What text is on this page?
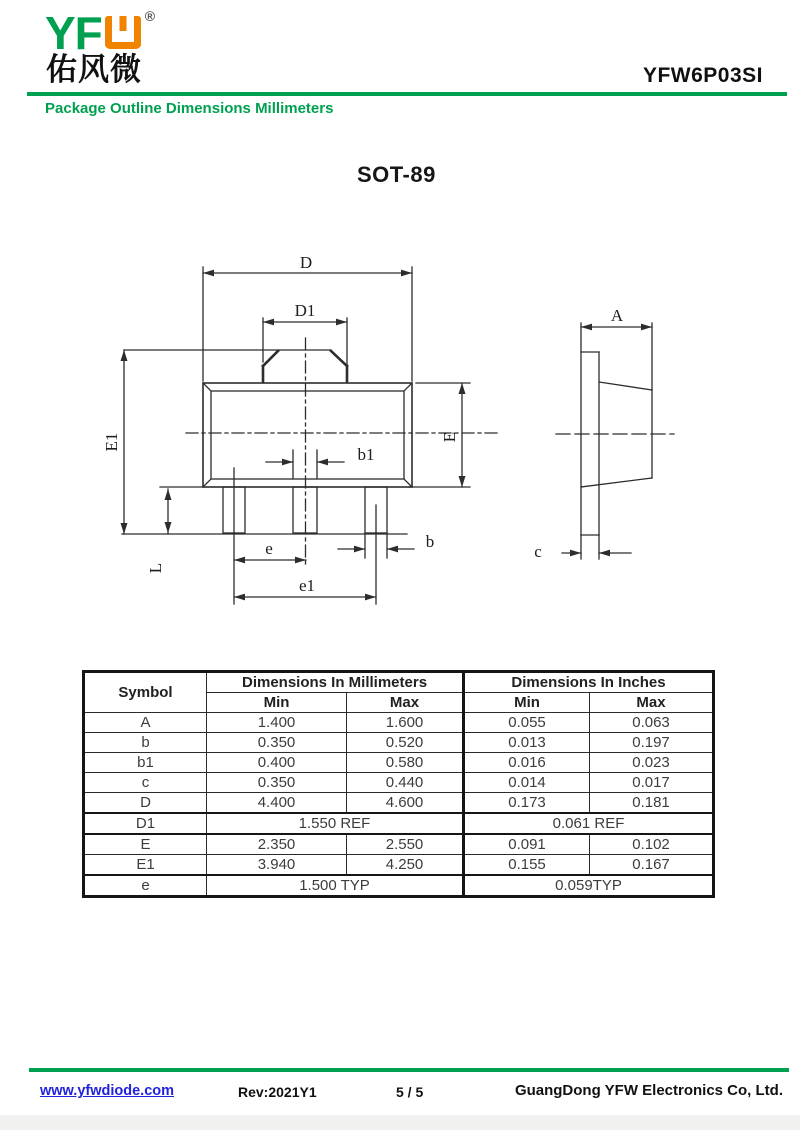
YF	®
佑风微	YFW6P03SI
Package Outline Dimensions Millimeters
SOT-89
D
D1
E1
L
E
b1
b
e
e1
A
c
Symbol	Dimensions In Millimeters		Dimensions In Inches	
	Min	Max	Min	Max
A	1.400	1.600	0.055	0.063
b	0.350	0.520	0.013	0.197
b1	0.400	0.580	0.016	0.023
c	0.350	0.440	0.014	0.017
D	4.400	4.600	0.173	0.181
D1	1.550 REF		0.061 REF	
E	2.350	2.550	0.091	0.102
E1	3.940	4.250	0.155	0.167
e	1.500 TYP		0.059TYP	
www.yfwdiode.com	Rev:2021Y1	5 / 5	GuangDong YFW Electronics Co, Ltd.
